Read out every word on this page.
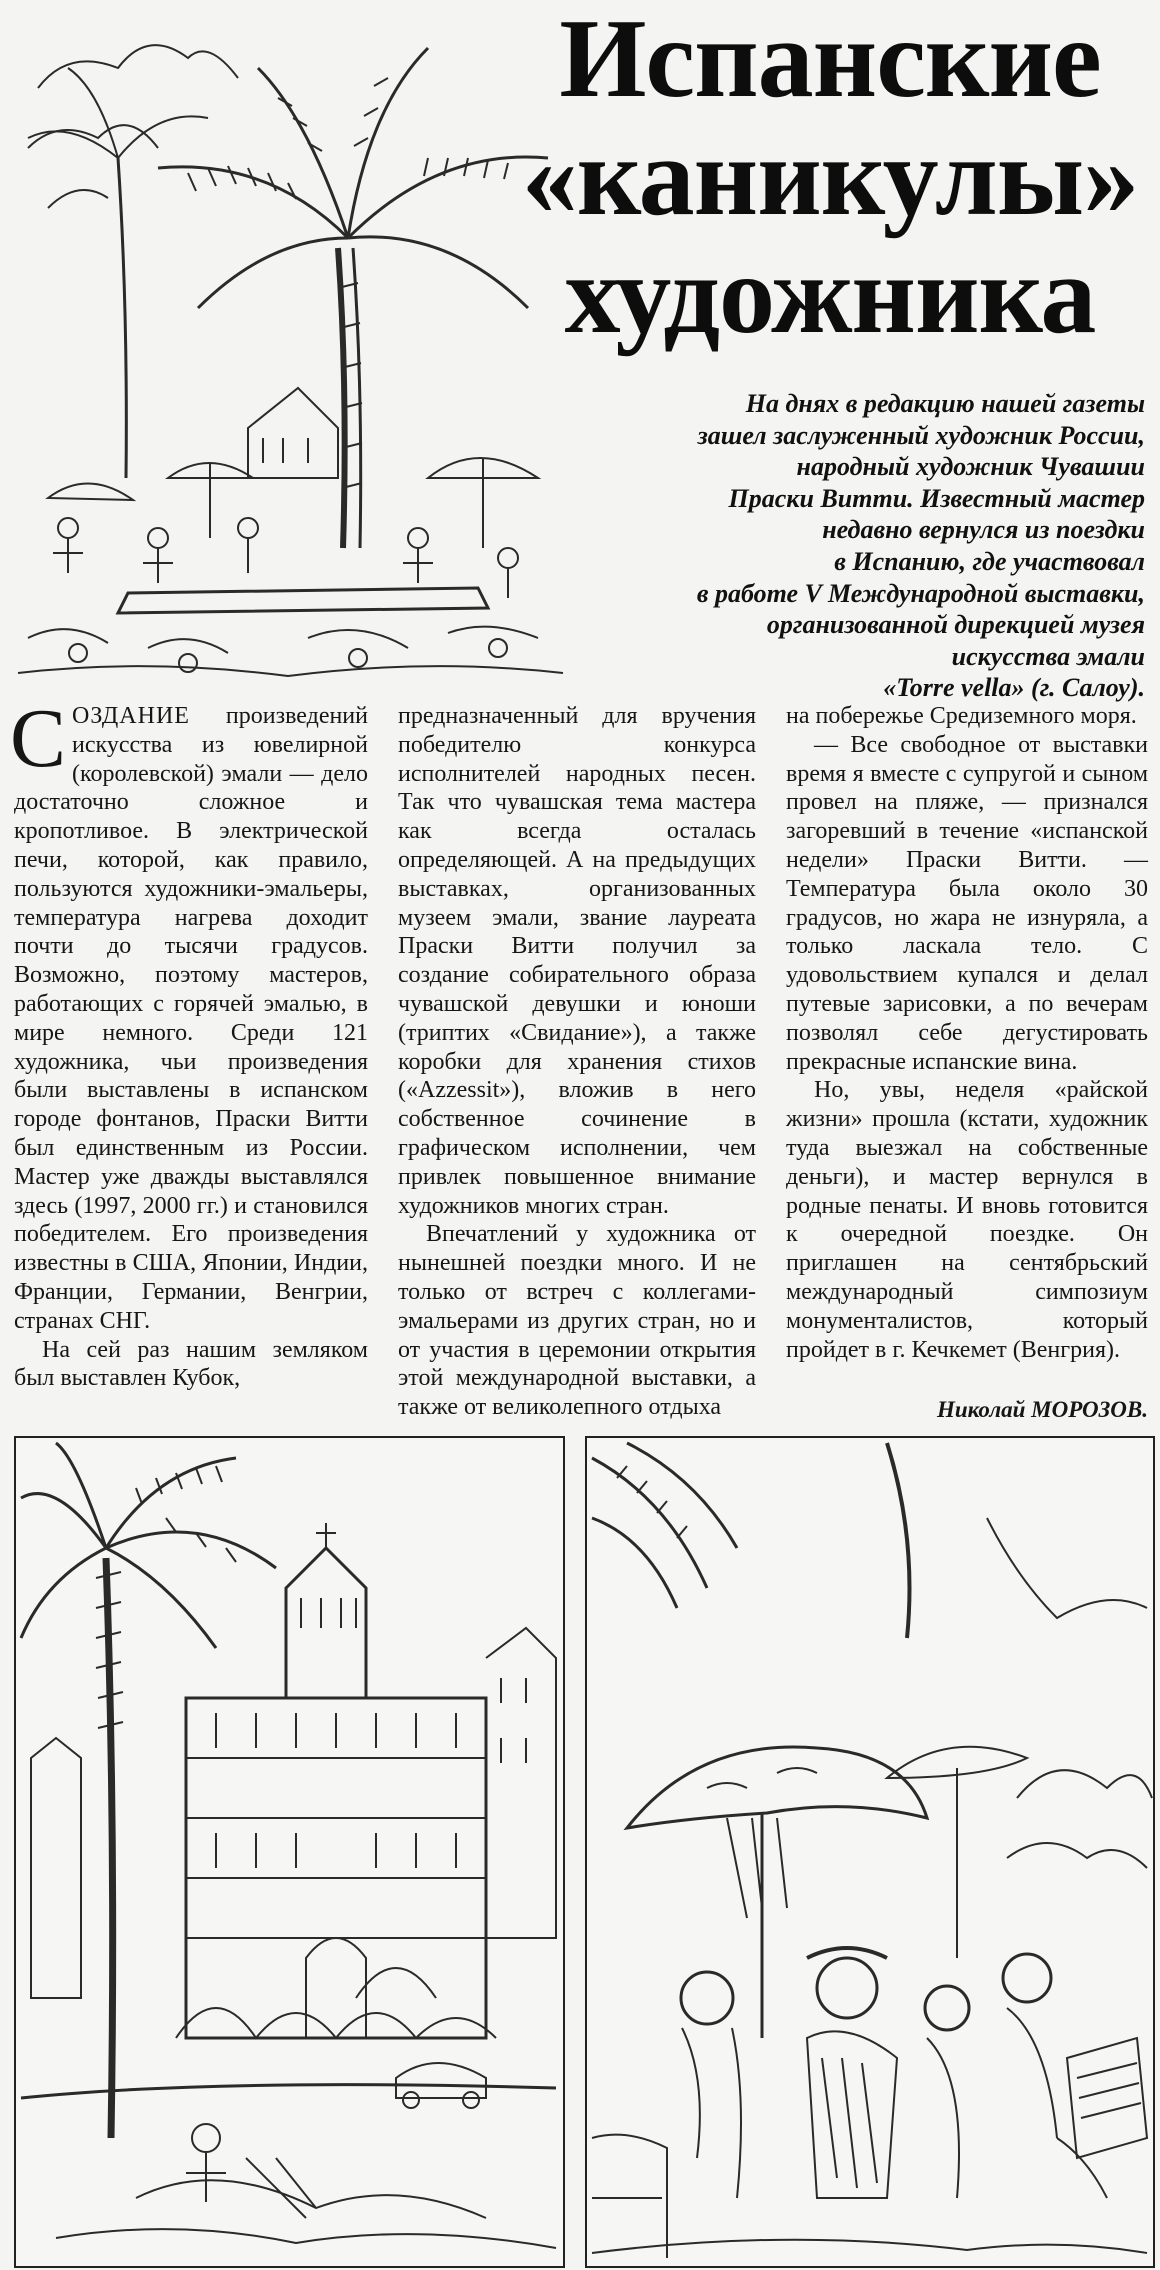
Испанские
«каникулы»
художника
На днях в редакцию нашей газеты
зашел заслуженный художник России,
народный художник Чувашии
Праски Витти. Известный мастер
недавно вернулся из поездки
в Испанию, где участвовал
в работе V Международной выставки,
организованной дирекцией музея
искусства эмали
«Torre vella» (г. Салоу).

СОЗДАНИЕ произведений искусства из ювелирной (королевской) эмали — дело достаточно сложное и кропотливое. В электрической печи, которой, как правило, пользуются художники-эмальеры, температура нагрева доходит почти до тысячи градусов. Возможно, поэтому мастеров, работающих с горячей эмалью, в мире немного. Среди 121 художника, чьи произведения были выставлены в испанском городе фонтанов, Праски Витти был единственным из России. Мастер уже дважды выставлялся здесь (1997, 2000 гг.) и становился победителем. Его произведения известны в США, Японии, Индии, Франции, Германии, Венгрии, странах СНГ.

На сей раз нашим земляком был выставлен Кубок,

предназначенный для вручения победителю конкурса исполнителей народных песен. Так что чувашская тема мастера как всегда осталась определяющей. А на предыдущих выставках, организованных музеем эмали, звание лауреата Праски Витти получил за создание собирательного образа чувашской девушки и юноши (триптих «Свидание»), а также коробки для хранения стихов («Azzessit»), вложив в него собственное сочинение в графическом исполнении, чем привлек повышенное внимание художников многих стран.

Впечатлений у художника от нынешней поездки много. И не только от встреч с коллегами-эмальерами из других стран, но и от участия в церемонии открытия этой международной выставки, а также от великолепного отдыха

на побережье Средиземного моря.

— Все свободное от выставки время я вместе с супругой и сыном провел на пляже, — признался загоревший в течение «испанской недели» Праски Витти. — Температура была около 30 градусов, но жара не изнуряла, а только ласкала тело. С удовольствием купался и делал путевые зарисовки, а по вечерам позволял себе дегустировать прекрасные испанские вина.

Но, увы, неделя «райской жизни» прошла (кстати, художник туда выезжал на собственные деньги), и мастер вернулся в родные пенаты. И вновь готовится к очередной поездке. Он приглашен на сентябрьский международный симпозиум монументалистов, который пройдет в г. Кечкемет (Венгрия).

Николай МОРОЗОВ.
